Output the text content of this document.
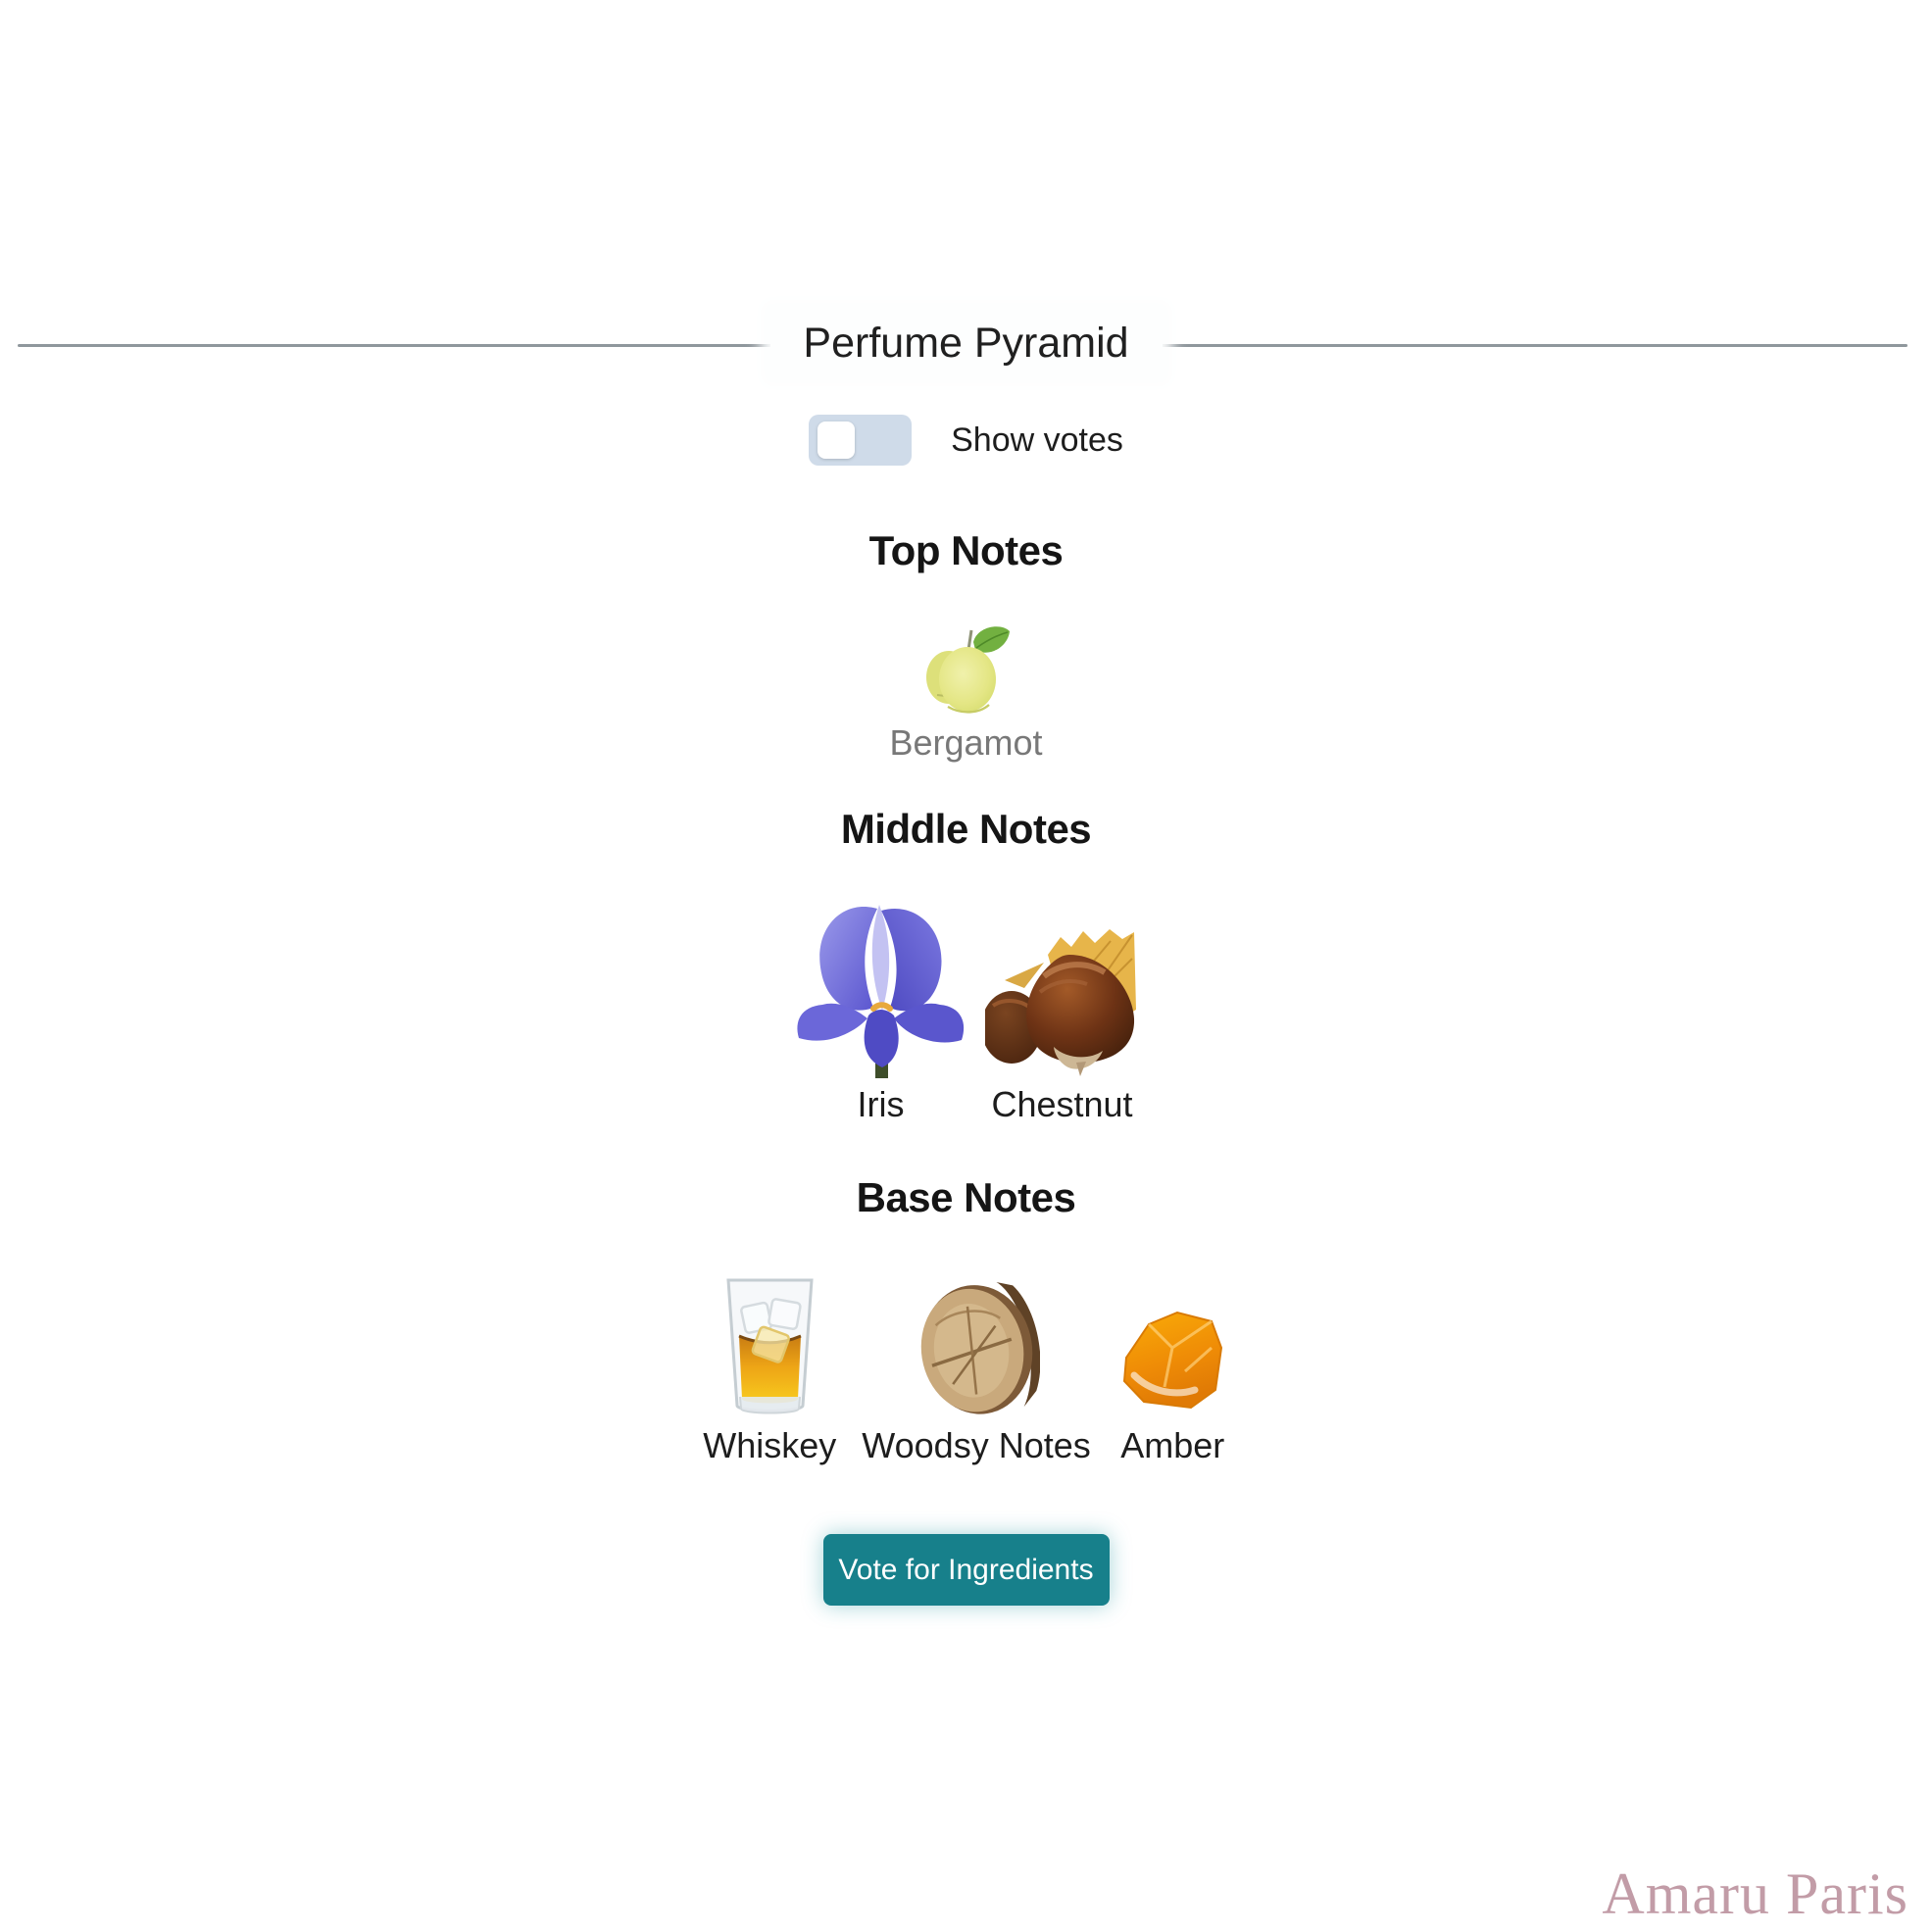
Perfume Pyramid
Show votes
Top Notes
Bergamot
Middle Notes
Iris Chestnut
Base Notes
Whiskey Woodsy Notes Amber
Vote for Ingredients
Amaru Paris
